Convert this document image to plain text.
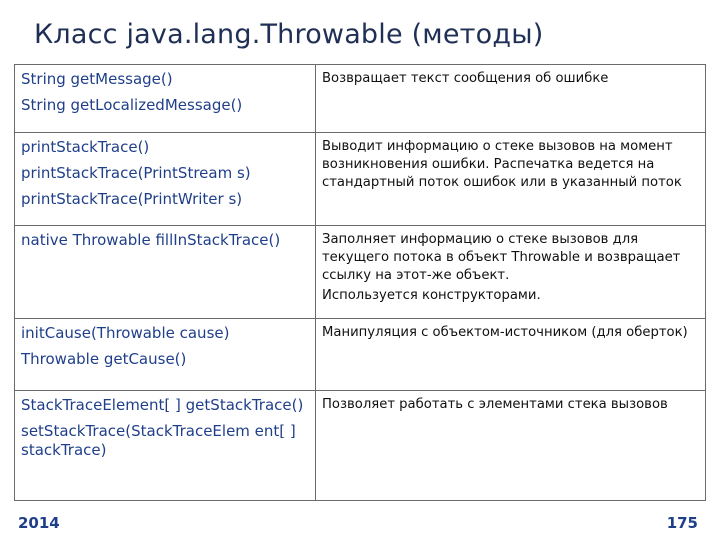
Класс java.lang.Throwable (методы)
String getMessage()
String getLocalizedMessage()	Возвращает текст сообщения об ошибке

printStackTrace()
printStackTrace(PrintStream s)
printStackTrace(PrintWriter s)	Выводит информацию о стеке вызовов на момент возникновения ошибки. Распечатка ведется на стандартный поток ошибок или в указанный поток

native Throwable fillInStackTrace()	Заполняет информацию о стеке вызовов для текущего потока в объект Throwable и возвращает ссылку на этот-же объект.
Используется конструкторами.

initCause(Throwable cause)
Throwable getCause()	Манипуляция с объектом-источником (для оберток)

StackTraceElement[ ] getStackTrace()
setStackTrace(StackTraceElem ent[ ] stackTrace)	Позволяет работать с элементами стека вызовов
2014	175
